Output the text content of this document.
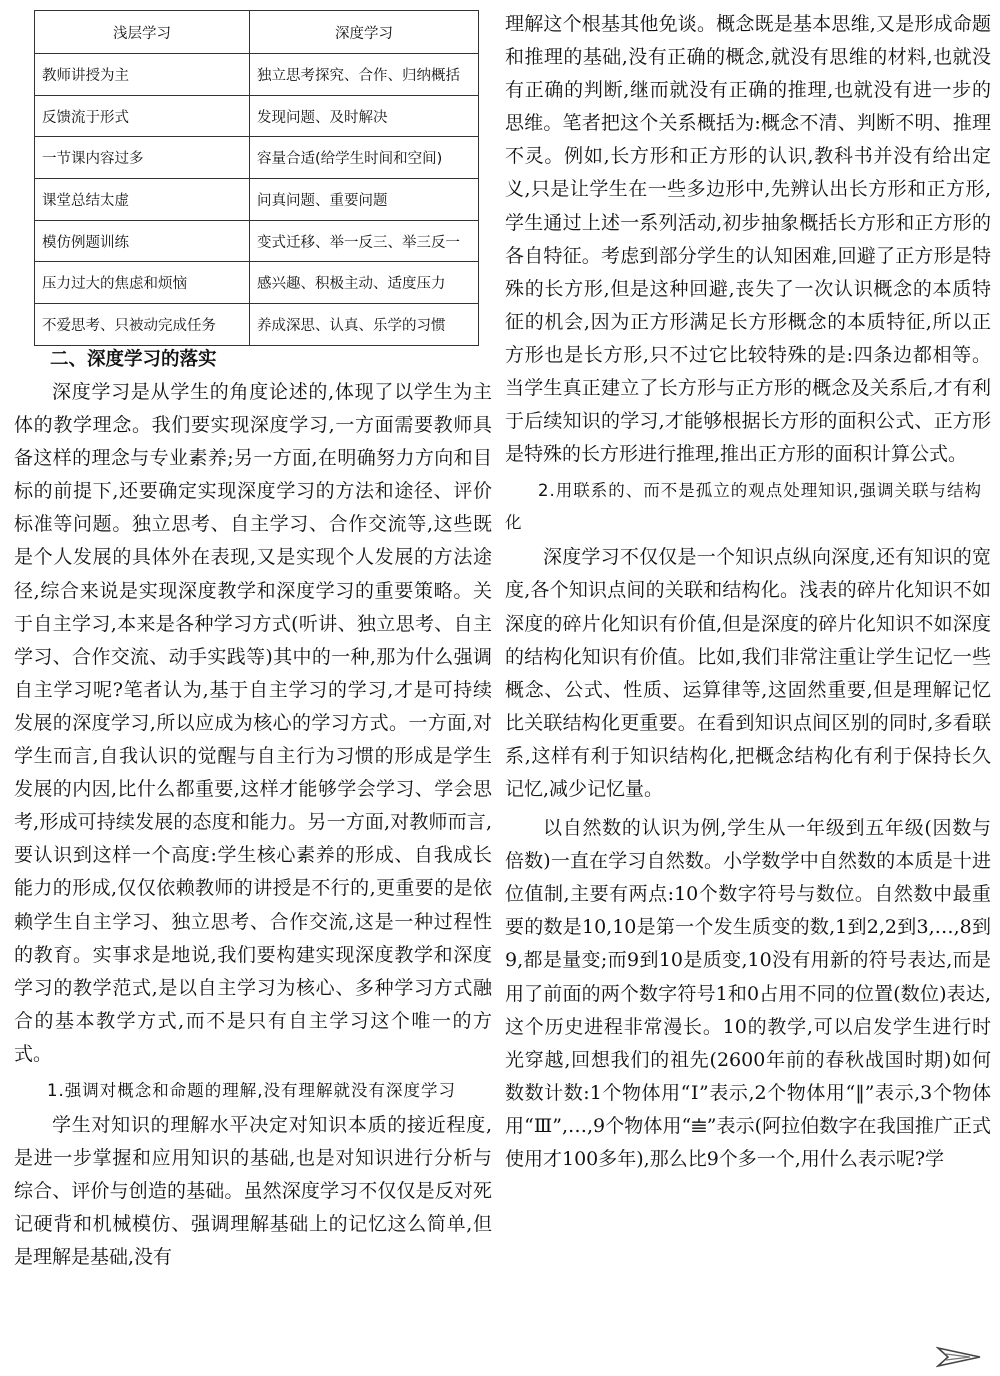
浅层学习	深度学习
教师讲授为主	独立思考探究、合作、归纳概括
反馈流于形式	发现问题、及时解决
一节课内容过多	容量合适(给学生时间和空间)
课堂总结太虚	问真问题、重要问题
模仿例题训练	变式迁移、举一反三、举三反一
压力过大的焦虑和烦恼	感兴趣、积极主动、适度压力
不爱思考、只被动完成任务	养成深思、认真、乐学的习惯
二、深度学习的落实

深度学习是从学生的角度论述的,体现了以学生为主体的教学理念。我们要实现深度学习,一方面需要教师具备这样的理念与专业素养;另一方面,在明确努力方向和目标的前提下,还要确定实现深度学习的方法和途径、评价标准等问题。独立思考、自主学习、合作交流等,这些既是个人发展的具体外在表现,又是实现个人发展的方法途径,综合来说是实现深度教学和深度学习的重要策略。关于自主学习,本来是各种学习方式(听讲、独立思考、自主学习、合作交流、动手实践等)其中的一种,那为什么强调自主学习呢?笔者认为,基于自主学习的学习,才是可持续发展的深度学习,所以应成为核心的学习方式。一方面,对学生而言,自我认识的觉醒与自主行为习惯的形成是学生发展的内因,比什么都重要,这样才能够学会学习、学会思考,形成可持续发展的态度和能力。另一方面,对教师而言,要认识到这样一个高度:学生核心素养的形成、自我成长能力的形成,仅仅依赖教师的讲授是不行的,更重要的是依赖学生自主学习、独立思考、合作交流,这是一种过程性的教育。实事求是地说,我们要构建实现深度教学和深度学习的教学范式,是以自主学习为核心、多种学习方式融合的基本教学方式,而不是只有自主学习这个唯一的方式。

1.强调对概念和命题的理解,没有理解就没有深度学习

学生对知识的理解水平决定对知识本质的接近程度,是进一步掌握和应用知识的基础,也是对知识进行分析与综合、评价与创造的基础。虽然深度学习不仅仅是反对死记硬背和机械模仿、强调理解基础上的记忆这么简单,但是理解是基础,没有

理解这个根基其他免谈。概念既是基本思维,又是形成命题和推理的基础,没有正确的概念,就没有思维的材料,也就没有正确的判断,继而就没有正确的推理,也就没有进一步的思维。笔者把这个关系概括为:概念不清、判断不明、推理不灵。例如,长方形和正方形的认识,教科书并没有给出定义,只是让学生在一些多边形中,先辨认出长方形和正方形,学生通过上述一系列活动,初步抽象概括长方形和正方形的各自特征。考虑到部分学生的认知困难,回避了正方形是特殊的长方形,但是这种回避,丧失了一次认识概念的本质特征的机会,因为正方形满足长方形概念的本质特征,所以正方形也是长方形,只不过它比较特殊的是:四条边都相等。当学生真正建立了长方形与正方形的概念及关系后,才有利于后续知识的学习,才能够根据长方形的面积公式、正方形是特殊的长方形进行推理,推出正方形的面积计算公式。

2.用联系的、而不是孤立的观点处理知识,强调关联与结构化

深度学习不仅仅是一个知识点纵向深度,还有知识的宽度,各个知识点间的关联和结构化。浅表的碎片化知识不如深度的碎片化知识有价值,但是深度的碎片化知识不如深度的结构化知识有价值。比如,我们非常注重让学生记忆一些概念、公式、性质、运算律等,这固然重要,但是理解记忆比关联结构化更重要。在看到知识点间区别的同时,多看联系,这样有利于知识结构化,把概念结构化有利于保持长久记忆,减少记忆量。

以自然数的认识为例,学生从一年级到五年级(因数与倍数)一直在学习自然数。小学数学中自然数的本质是十进位值制,主要有两点:10个数字符号与数位。自然数中最重要的数是10,10是第一个发生质变的数,1到2,2到3,…,8到9,都是量变;而9到10是质变,10没有用新的符号表达,而是用了前面的两个数字符号1和0占用不同的位置(数位)表达,这个历史进程非常漫长。10的教学,可以启发学生进行时光穿越,回想我们的祖先(2600年前的春秋战国时期)如何数数计数:1个物体用“Ⅰ”表示,2个物体用“‖”表示,3个物体用“Ⅲ”,…,9个物体用“𝍨”表示(阿拉伯数字在我国推广正式使用才100多年),那么比9个多一个,用什么表示呢?学
